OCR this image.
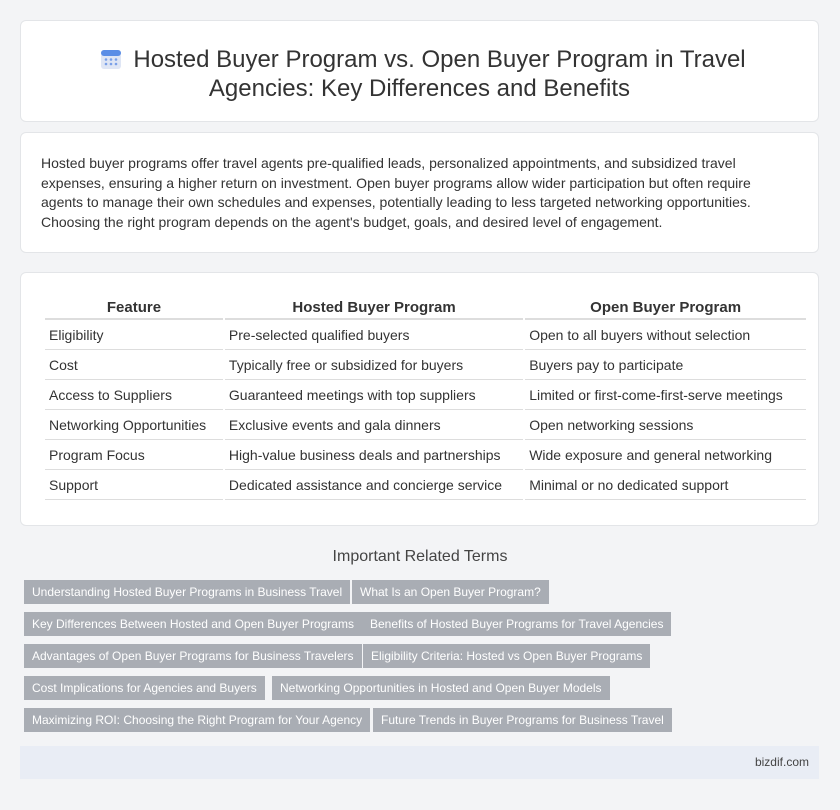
Hosted Buyer Program vs. Open Buyer Program in Travel
Agencies: Key Differences and Benefits

Hosted buyer programs offer travel agents pre-qualified leads, personalized appointments, and subsidized travel expenses, ensuring a higher return on investment. Open buyer programs allow wider participation but often require agents to manage their own schedules and expenses, potentially leading to less targeted networking opportunities. Choosing the right program depends on the agent's budget, goals, and desired level of engagement.

Feature	Hosted Buyer Program	Open Buyer Program
Eligibility	Pre-selected qualified buyers	Open to all buyers without selection
Cost	Typically free or subsidized for buyers	Buyers pay to participate
Access to Suppliers	Guaranteed meetings with top suppliers	Limited or first-come-first-serve meetings
Networking Opportunities	Exclusive events and gala dinners	Open networking sessions
Program Focus	High-value business deals and partnerships	Wide exposure and general networking
Support	Dedicated assistance and concierge service	Minimal or no dedicated support
Important Related Terms
Understanding Hosted Buyer Programs in Business Travel	What Is an Open Buyer Program?
Key Differences Between Hosted and Open Buyer Programs	Benefits of Hosted Buyer Programs for Travel Agencies
Advantages of Open Buyer Programs for Business Travelers	Eligibility Criteria: Hosted vs Open Buyer Programs
Cost Implications for Agencies and Buyers	Networking Opportunities in Hosted and Open Buyer Models
Maximizing ROI: Choosing the Right Program for Your Agency	Future Trends in Buyer Programs for Business Travel
bizdif.com
